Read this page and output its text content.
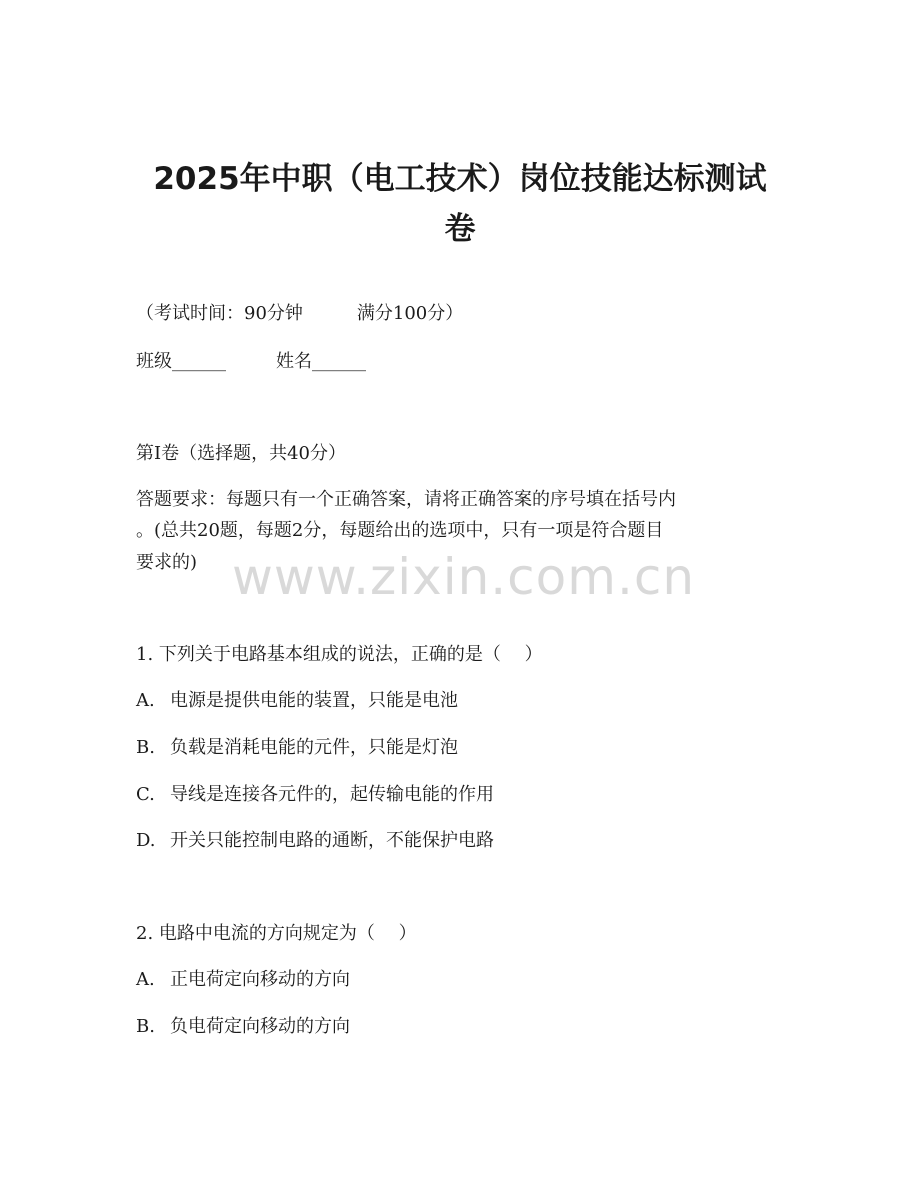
2025年中职（电工技术）岗位技能达标测试
卷
（考试时间：90分钟　　　满分100分）
班级______	姓名______
第Ⅰ卷（选择题，共40分）
答题要求：每题只有一个正确答案，请将正确答案的序号填在括号内
。(总共20题，每题2分，每题给出的选项中，只有一项是符合题目
要求的) www.zixin.com.cn
1. 下列关于电路基本组成的说法，正确的是（　 ）
A. 电源是提供电能的装置，只能是电池
B. 负载是消耗电能的元件，只能是灯泡
C. 导线是连接各元件的，起传输电能的作用
D. 开关只能控制电路的通断，不能保护电路
2. 电路中电流的方向规定为（　 ）
A. 正电荷定向移动的方向
B. 负电荷定向移动的方向
